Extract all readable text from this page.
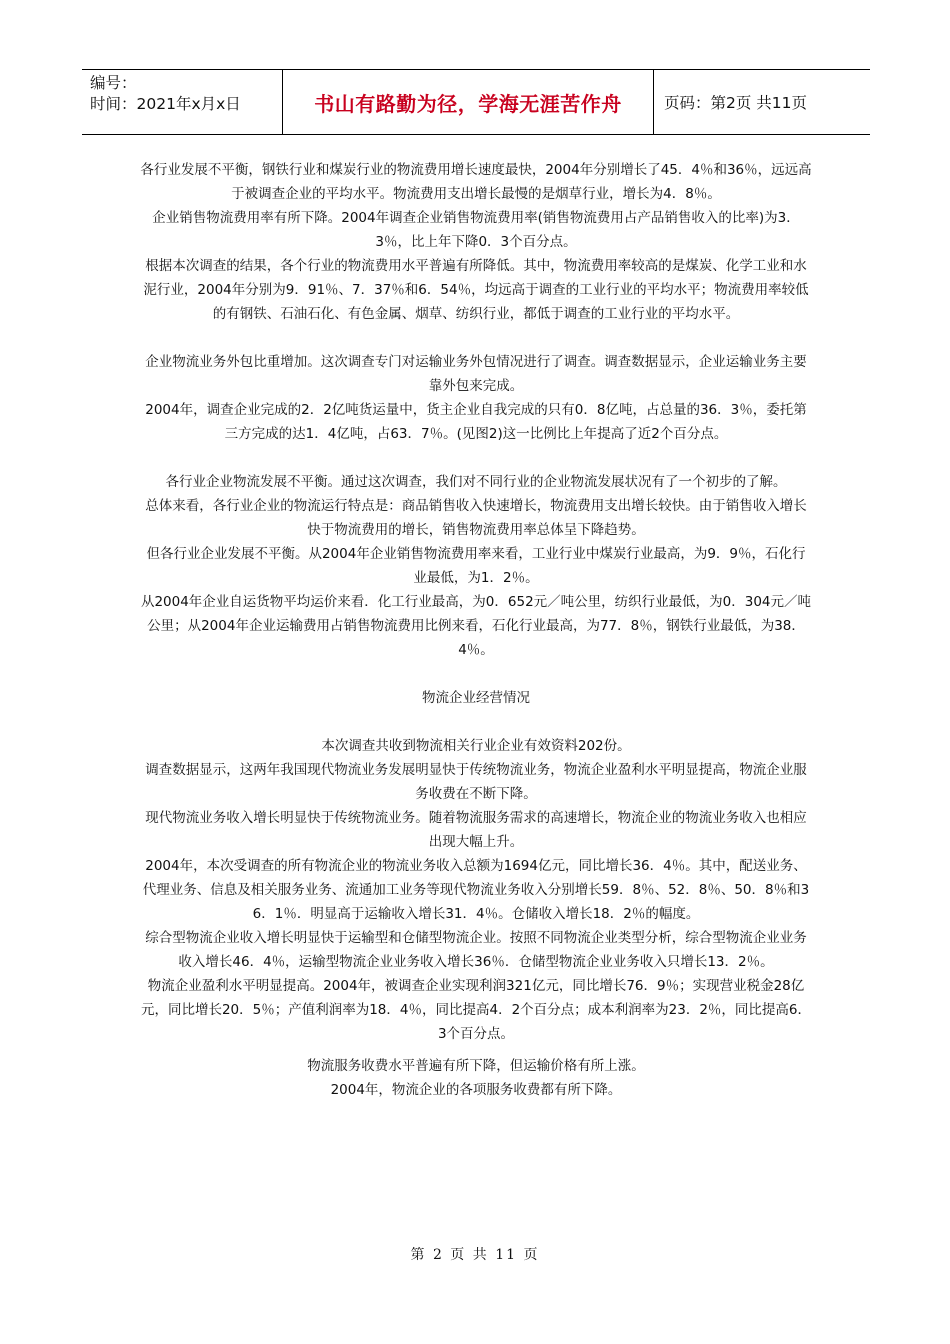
编号：
时间：2021年x月x日	书山有路勤为径，学海无涯苦作舟	页码：第2页 共11页

各行业发展不平衡，钢铁行业和煤炭行业的物流费用增长速度最快，2004年分别增长了45．4％和36％，远远高于被调查企业的平均水平。物流费用支出增长最慢的是烟草行业，增长为4．8％。

企业销售物流费用率有所下降。2004年调查企业销售物流费用率(销售物流费用占产品销售收入的比率)为3．3％，比上年下降0．3个百分点。

根据本次调查的结果，各个行业的物流费用水平普遍有所降低。其中，物流费用率较高的是煤炭、化学工业和水泥行业，2004年分别为9．91％、7．37％和6．54％，均远高于调查的工业行业的平均水平；物流费用率较低的有钢铁、石油石化、有色金属、烟草、纺织行业，都低于调查的工业行业的平均水平。

企业物流业务外包比重增加。这次调查专门对运输业务外包情况进行了调查。调查数据显示，企业运输业务主要靠外包来完成。

2004年，调查企业完成的2．2亿吨货运量中，货主企业自我完成的只有0．8亿吨，占总量的36．3％，委托第三方完成的达1．4亿吨，占63．7％。(见图2)这一比例比上年提高了近2个百分点。

各行业企业物流发展不平衡。通过这次调查，我们对不同行业的企业物流发展状况有了一个初步的了解。

总体来看，各行业企业的物流运行特点是：商品销售收入快速增长，物流费用支出增长较快。由于销售收入增长快于物流费用的增长，销售物流费用率总体呈下降趋势。

但各行业企业发展不平衡。从2004年企业销售物流费用率来看，工业行业中煤炭行业最高，为9．9％，石化行业最低，为1．2％。

从2004年企业自运货物平均运价来看．化工行业最高，为0．652元／吨公里，纺织行业最低，为0．304元／吨公里；从2004年企业运输费用占销售物流费用比例来看，石化行业最高，为77．8％，钢铁行业最低，为38．4％。

物流企业经营情况

本次调查共收到物流相关行业企业有效资料202份。

调查数据显示，这两年我国现代物流业务发展明显快于传统物流业务，物流企业盈利水平明显提高，物流企业服务收费在不断下降。

现代物流业务收入增长明显快于传统物流业务。随着物流服务需求的高速增长，物流企业的物流业务收入也相应出现大幅上升。

2004年，本次受调查的所有物流企业的物流业务收入总额为1694亿元，同比增长36．4％。其中，配送业务、代理业务、信息及相关服务业务、流通加工业务等现代物流业务收入分别增长59．8％、52．8％、50．8％和36．1％．明显高于运输收入增长31．4％。仓储收入增长18．2％的幅度。

综合型物流企业收入增长明显快于运输型和仓储型物流企业。按照不同物流企业类型分析，综合型物流企业业务收入增长46．4％，运输型物流企业业务收入增长36％．仓储型物流企业业务收入只增长13．2％。

物流企业盈利水平明显提高。2004年，被调查企业实现利润321亿元，同比增长76．9％；实现营业税金28亿元，同比增长20．5％；产值利润率为18．4％，同比提高4．2个百分点；成本利润率为23．2％，同比提高6．3个百分点。

物流服务收费水平普遍有所下降，但运输价格有所上涨。

2004年，物流企业的各项服务收费都有所下降。

第 2 页 共 11 页
